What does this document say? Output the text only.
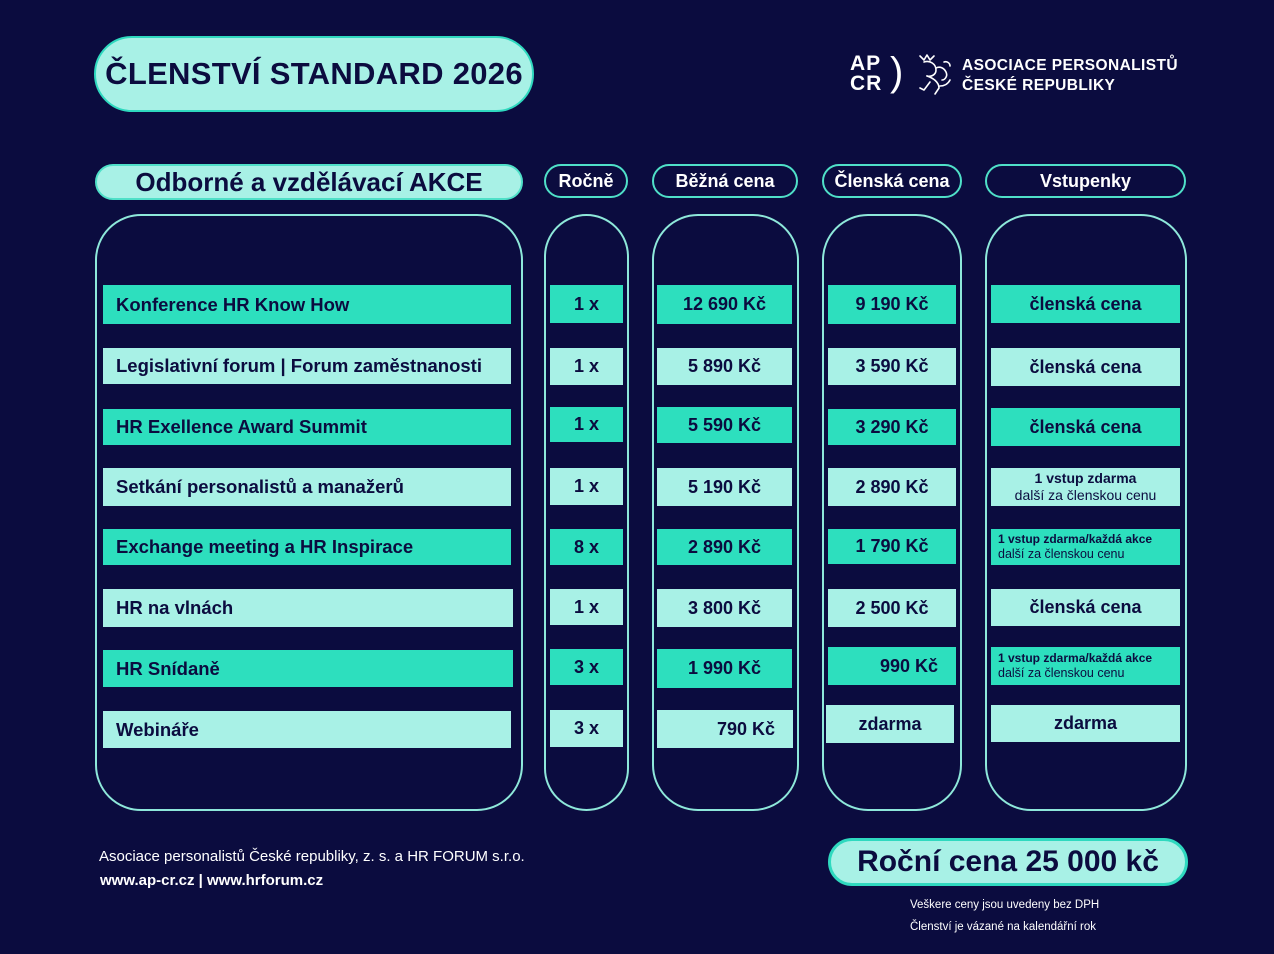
ČLENSTVÍ STANDARD 2026	AP
CR )	ASOCIACE PERSONALISTŮ
ČESKÉ REPUBLIKY
Odborné a vzdělávací AKCE	Ročně	Běžná cena	Členská cena	Vstupenky
Konference HR Know How	1 x	12 690 Kč	9 190 Kč	členská cena
Legislativní forum | Forum zaměstnanosti	1 x	5 890 Kč	3 590 Kč	členská cena
HR Exellence Award Summit	1 x	5 590 Kč	3 290 Kč	členská cena
Setkání personalistů a manažerů	1 x	5 190 Kč	2 890 Kč	1 vstup zdarma
další za členskou cenu
Exchange meeting a HR Inspirace	8 x	2 890 Kč	1 790 Kč	1 vstup zdarma/každá akce
další za členskou cenu
HR na vlnách	1 x	3 800 Kč	2 500 Kč	členská cena
HR Snídaně	3 x	1 990 Kč	990 Kč	1 vstup zdarma/každá akce
další za členskou cenu
Webináře	3 x	790 Kč	zdarma	zdarma
Asociace personalistů České republiky, z. s. a HR FORUM s.r.o.
www.ap-cr.cz | www.hrforum.cz
Roční cena 25 000 kč
Veškere ceny jsou uvedeny bez DPH
Členství je vázané na kalendářní rok
